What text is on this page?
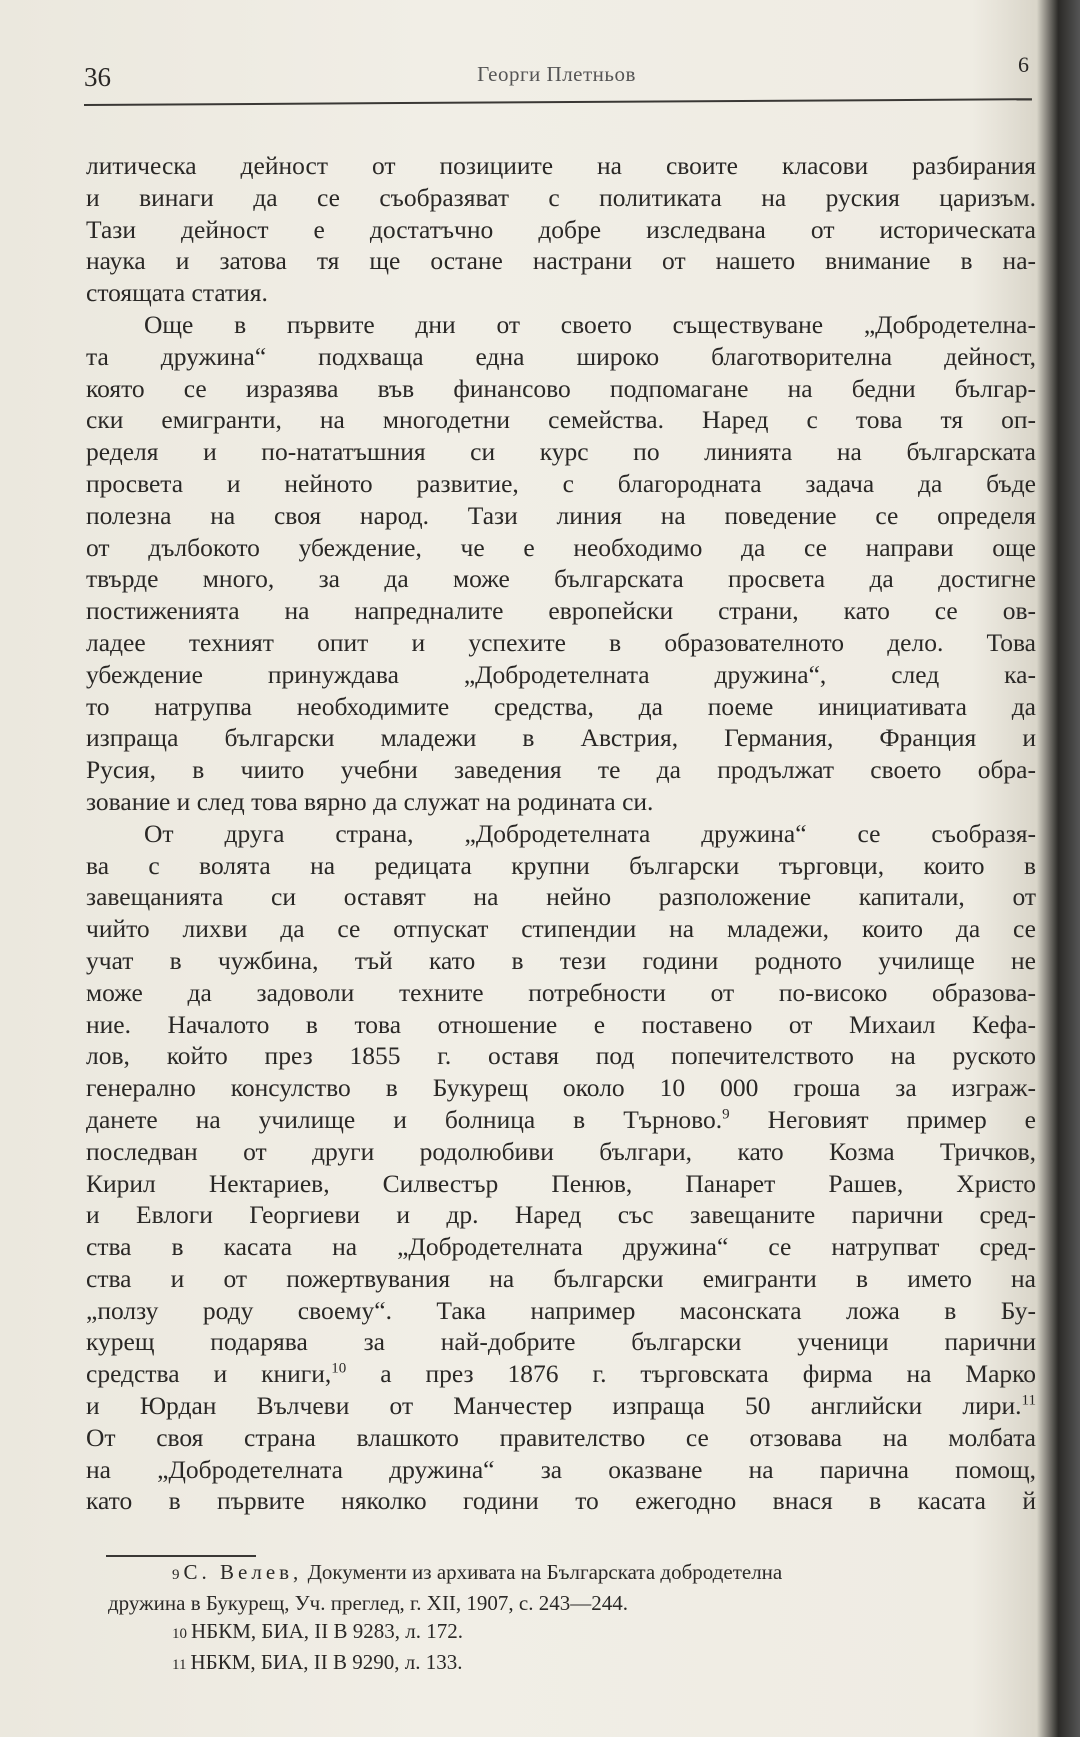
36	Георги Плетньов	6
литическа дейност от позициите на своите класови разбирания
и винаги да се съобразяват с политиката на руския царизъм.
Тази дейност е достатъчно добре изследвана от историческата
наука и затова тя ще остане настрани от нашето внимание в на-
стоящата статия.
Още в първите дни от своето съществуване „Добродетелна-
та дружина“ подхваща една широко благотворителна дейност,
която се изразява във финансово подпомагане на бедни българ-
ски емигранти, на многодетни семейства. Наред с това тя оп-
ределя и по-нататъшния си курс по линията на българската
просвета и нейното развитие, с благородната задача да бъде
полезна на своя народ. Тази линия на поведение се определя
от дълбокото убеждение, че е необходимо да се направи още
твърде много, за да може българската просвета да достигне
постиженията на напредналите европейски страни, като се ов-
ладее техният опит и успехите в образователното дело. Това
убеждение принуждава „Добродетелната дружина“, след ка-
то натрупва необходимите средства, да поеме инициативата да
изпраща български младежи в Австрия, Германия, Франция и
Русия, в чиито учебни заведения те да продължат своето обра-
зование и след това вярно да служат на родината си.
От друга страна, „Добродетелната дружина“ се съобразя-
ва с волята на редицата крупни български търговци, които в
завещанията си оставят на нейно разположение капитали, от
чийто лихви да се отпускат стипендии на младежи, които да се
учат в чужбина, тъй като в тези години родното училище не
може да задоволи техните потребности от по-високо образова-
ние. Началото в това отношение е поставено от Михаил Кефа-
лов, който през 1855 г. оставя под попечителството на руското
генерално консулство в Букурещ около 10 000 гроша за изграж-
данете на училище и болница в Търново.$^9$ Неговият пример е
последван от други родолюбиви българи, като Козма Тричков,
Кирил Нектариев, Силвестър Пенюв, Панарет Рашев, Христо
и Евлоги Георгиеви и др. Наред със завещаните парични сред-
ства в касата на „Добродетелната дружина“ се натрупват сред-
ства и от пожертвувания на български емигранти в името на
„ползу роду своему“. Така например масонската ложа в Бу-
курещ подарява за най-добрите български ученици парични
средства и книги,$^{10}$ а през 1876 г. търговската фирма на Марко
и Юрдан Вълчеви от Манчестер изпраща 50 английски лири.$^{11}$
От своя страна влашкото правителство се отзовава на молбата
на „Добродетелната дружина“ за оказване на парична помощ,
като в първите няколко години то ежегодно внася в касата й
9 С. Велев, Документи из архивата на Българската добродетелна
дружина в Букурещ, Уч. преглед, г. XII, 1907, с. 243—244.
10 НБКМ, БИА, II В 9283, л. 172.
11 НБКМ, БИА, II В 9290, л. 133.
